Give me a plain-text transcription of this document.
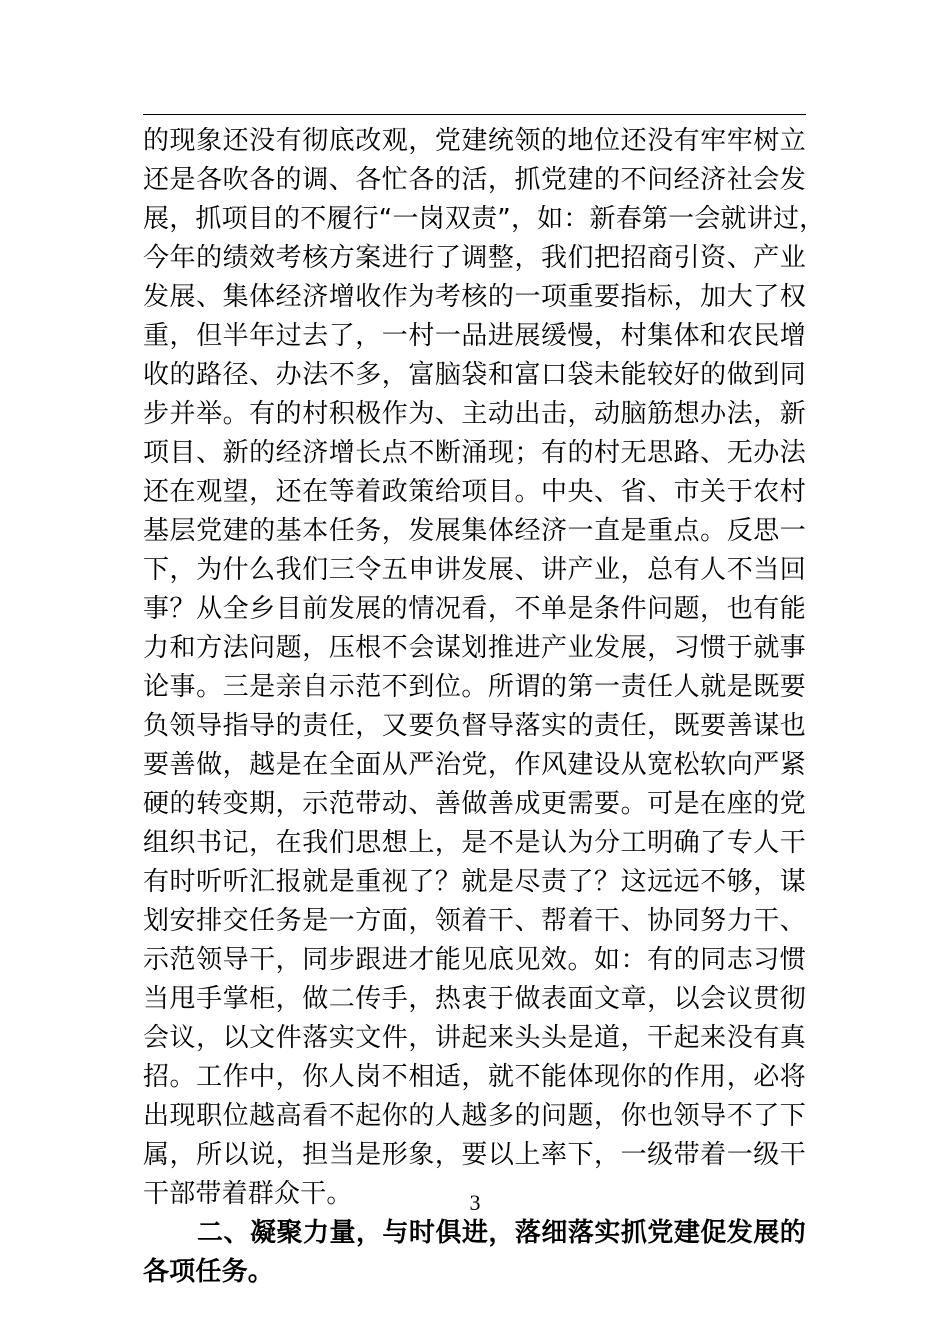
的现象还没有彻底改观，党建统领的地位还没有牢牢树立
还是各吹各的调、各忙各的活，抓党建的不问经济社会发
展，抓项目的不履行“一岗双责”，如：新春第一会就讲过，
今年的绩效考核方案进行了调整，我们把招商引资、产业
发展、集体经济增收作为考核的一项重要指标，加大了权
重，但半年过去了，一村一品进展缓慢，村集体和农民增
收的路径、办法不多，富脑袋和富口袋未能较好的做到同
步并举。有的村积极作为、主动出击，动脑筋想办法，新
项目、新的经济增长点不断涌现；有的村无思路、无办法
还在观望，还在等着政策给项目。中央、省、市关于农村
基层党建的基本任务，发展集体经济一直是重点。反思一
下，为什么我们三令五申讲发展、讲产业，总有人不当回
事？从全乡目前发展的情况看，不单是条件问题，也有能
力和方法问题，压根不会谋划推进产业发展，习惯于就事
论事。三是亲自示范不到位。所谓的第一责任人就是既要
负领导指导的责任，又要负督导落实的责任，既要善谋也
要善做，越是在全面从严治党，作风建设从宽松软向严紧
硬的转变期，示范带动、善做善成更需要。可是在座的党
组织书记，在我们思想上，是不是认为分工明确了专人干
有时听听汇报就是重视了？就是尽责了？这远远不够，谋
划安排交任务是一方面，领着干、帮着干、协同努力干、
示范领导干，同步跟进才能见底见效。如：有的同志习惯
当甩手掌柜，做二传手，热衷于做表面文章，以会议贯彻
会议，以文件落实文件，讲起来头头是道，干起来没有真
招。工作中，你人岗不相适，就不能体现你的作用，必将
出现职位越高看不起你的人越多的问题，你也领导不了下
属，所以说，担当是形象，要以上率下，一级带着一级干
干部带着群众干。
二、凝聚力量，与时俱进，落细落实抓党建促发展的
各项任务。
3
